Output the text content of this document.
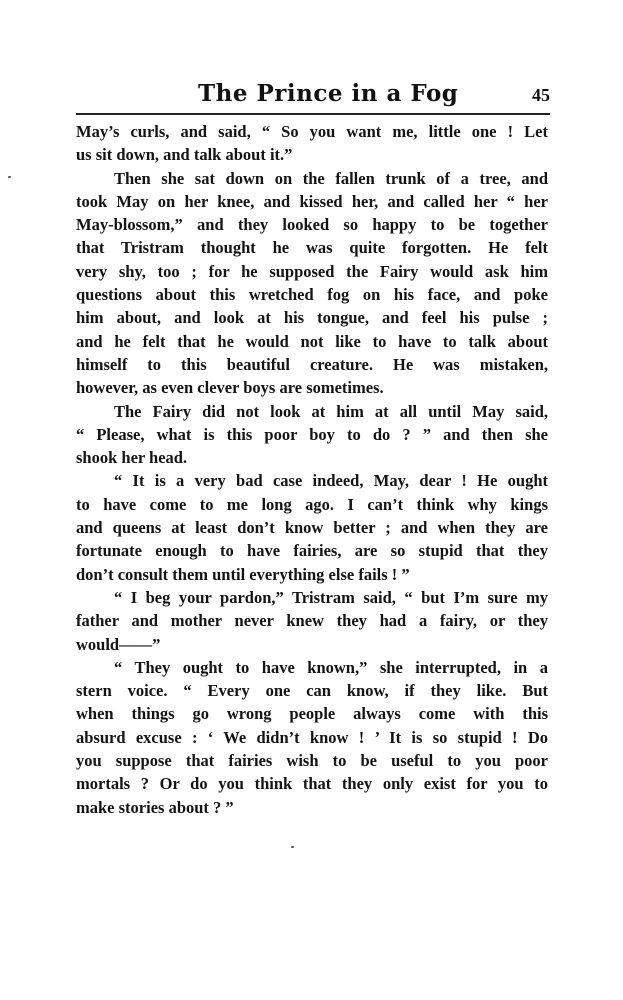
The Prince in a Fog	45
May’s curls, and said, “ So you want me, little one ! Let
us sit down, and talk about it.”
Then she sat down on the fallen trunk of a tree, and
took May on her knee, and kissed her, and called her “ her
May-blossom,” and they looked so happy to be together
that Tristram thought he was quite forgotten. He felt
very shy, too ; for he supposed the Fairy would ask him
questions about this wretched fog on his face, and poke
him about, and look at his tongue, and feel his pulse ;
and he felt that he would not like to have to talk about
himself to this beautiful creature. He was mistaken,
however, as even clever boys are sometimes.
The Fairy did not look at him at all until May said,
“ Please, what is this poor boy to do ? ” and then she
shook her head.
“ It is a very bad case indeed, May, dear ! He ought
to have come to me long ago. I can’t think why kings
and queens at least don’t know better ; and when they are
fortunate enough to have fairies, are so stupid that they
don’t consult them until everything else fails ! ”
“ I beg your pardon,” Tristram said, “ but I’m sure my
father and mother never knew they had a fairy, or they
would——”
“ They ought to have known,” she interrupted, in a
stern voice. “ Every one can know, if they like. But
when things go wrong people always come with this
absurd excuse : ‘ We didn’t know ! ’ It is so stupid ! Do
you suppose that fairies wish to be useful to you poor
mortals ? Or do you think that they only exist for you to
make stories about ? ”
